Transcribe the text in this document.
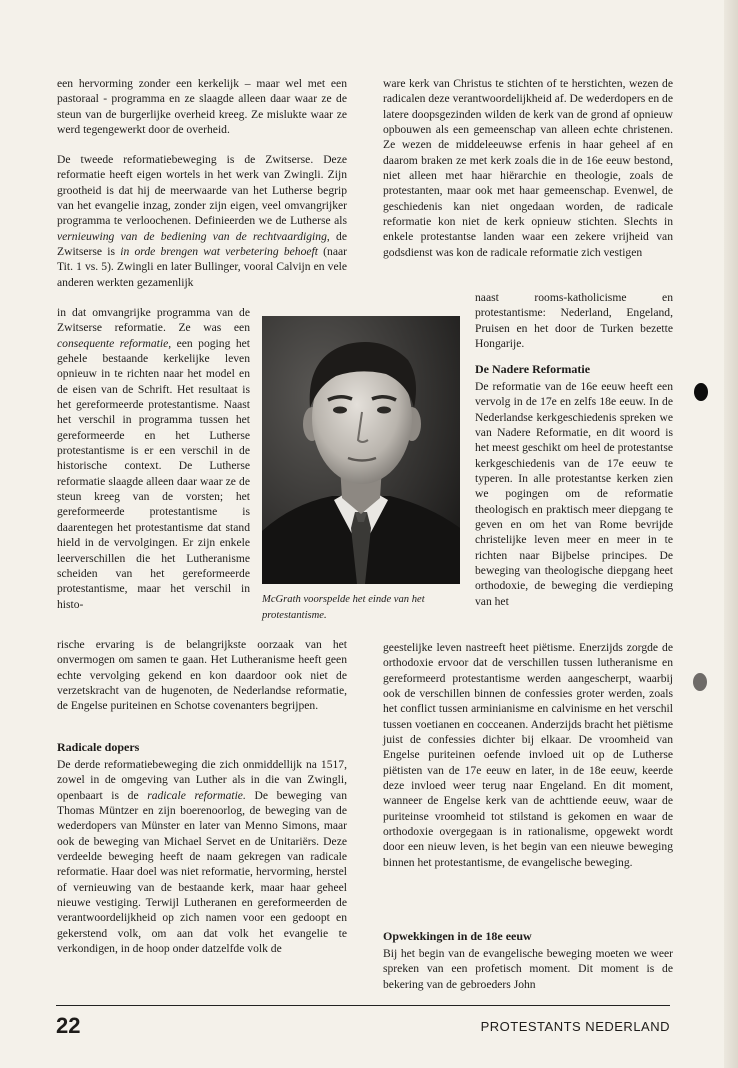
een hervorming zonder een kerkelijk – maar wel met een pastoraal - programma en ze slaagde alleen daar waar ze de steun van de burgerlijke overheid kreeg. Ze mislukte waar ze werd tegengewerkt door de overheid.

De tweede reformatiebeweging is de Zwitserse. Deze reformatie heeft eigen wortels in het werk van Zwingli. Zijn grootheid is dat hij de meerwaarde van het Lutherse begrip van het evangelie inzag, zonder zijn eigen, veel omvangrijker programma te verloochenen. Definieerden we de Lutherse als vernieuwing van de bediening van de rechtvaardiging, de Zwitserse is in orde brengen wat verbetering behoeft (naar Tit. 1 vs. 5). Zwingli en later Bullinger, vooral Calvijn en vele anderen werkten gezamenlijk

in dat omvangrijke programma van de Zwitserse reformatie. Ze was een consequente reformatie, een poging het gehele bestaande kerkelijke leven opnieuw in te richten naar het model en de eisen van de Schrift. Het resultaat is het gereformeerde protestantisme. Naast het verschil in programma tussen het gereformeerde en het Lutherse protestantisme is er een verschil in de historische context. De Lutherse reformatie slaagde alleen daar waar ze de steun kreeg van de vorsten; het gereformeerde protestantisme is daarentegen het protestantisme dat stand hield in de vervolgingen. Er zijn enkele leerverschillen die het Lutheranisme scheiden van het gereformeerde protestantisme, maar het verschil in histo-

rische ervaring is de belangrijkste oorzaak van het onvermogen om samen te gaan. Het Lutheranisme heeft geen echte vervolging gekend en kon daardoor ook niet de verzetskracht van de hugenoten, de Nederlandse reformatie, de Engelse puriteinen en Schotse covenanters begrijpen.

Radicale dopers

De derde reformatiebeweging die zich onmiddellijk na 1517, zowel in de omgeving van Luther als in die van Zwingli, openbaart is de radicale reformatie. De beweging van Thomas Müntzer en zijn boerenoorlog, de beweging van de wederdopers van Münster en later van Menno Simons, maar ook de beweging van Michael Servet en de Unitariërs. Deze verdeelde beweging heeft de naam gekregen van radicale reformatie. Haar doel was niet reformatie, hervorming, herstel of vernieuwing van de bestaande kerk, maar haar geheel nieuwe vestiging. Terwijl Lutheranen en gereformeerden de verantwoordelijkheid op zich namen voor een gedoopt en gekerstend volk, om aan dat volk het evangelie te verkondigen, in de hoop onder datzelfde volk de

McGrath voorspelde het einde van het protestantisme.

ware kerk van Christus te stichten of te herstichten, wezen de radicalen deze verantwoordelijkheid af. De wederdopers en de latere doopsgezinden wilden de kerk van de grond af opnieuw opbouwen als een gemeenschap van alleen echte christenen. Ze wezen de middeleeuwse erfenis in haar geheel af en daarom braken ze met kerk zoals die in de 16e eeuw bestond, niet alleen met haar hiërarchie en theologie, zoals de protestanten, maar ook met haar gemeenschap. Evenwel, de geschiedenis kan niet ongedaan worden, de radicale reformatie kon niet de kerk opnieuw stichten. Slechts in enkele protestantse landen waar een zekere vrijheid van godsdienst was kon de radicale reformatie zich vestigen

naast rooms-katholicisme en protestantisme: Nederland, Engeland, Pruisen en het door de Turken bezette Hongarije.

De Nadere Reformatie

De reformatie van de 16e eeuw heeft een vervolg in de 17e en zelfs 18e eeuw. In de Nederlandse kerkgeschiedenis spreken we van Nadere Reformatie, en dit woord is het meest geschikt om heel de protestantse kerkgeschiedenis van de 17e eeuw te typeren. In alle protestantse kerken zien we pogingen om de reformatie theologisch en praktisch meer diepgang te geven en om het van Rome bevrijde christelijke leven meer en meer in te richten naar Bijbelse principes. De beweging van theologische diepgang heet orthodoxie, de beweging die verdieping van het

geestelijke leven nastreeft heet piëtisme. Enerzijds zorgde de orthodoxie ervoor dat de verschillen tussen lutheranisme en gereformeerd protestantisme werden aangescherpt, waarbij ook de verschillen binnen de confessies groter werden, zoals het conflict tussen arminianisme en calvinisme en het verschil tussen voetianen en cocceanen. Anderzijds bracht het piëtisme juist de confessies dichter bij elkaar. De vroomheid van Engelse puriteinen oefende invloed uit op de Lutherse piëtisten van de 17e eeuw en later, in de 18e eeuw, keerde deze invloed weer terug naar Engeland. En dit moment, wanneer de Engelse kerk van de achttiende eeuw, waar de puriteinse vroomheid tot stilstand is gekomen en waar de orthodoxie overgegaan is in rationalisme, opgewekt wordt door een nieuw leven, is het begin van een nieuwe beweging binnen het protestantisme, de evangelische beweging.

Opwekkingen in de 18e eeuw

Bij het begin van de evangelische beweging moeten we weer spreken van een profetisch moment. Dit moment is de bekering van de gebroeders John

22	PROTESTANTS NEDERLAND
